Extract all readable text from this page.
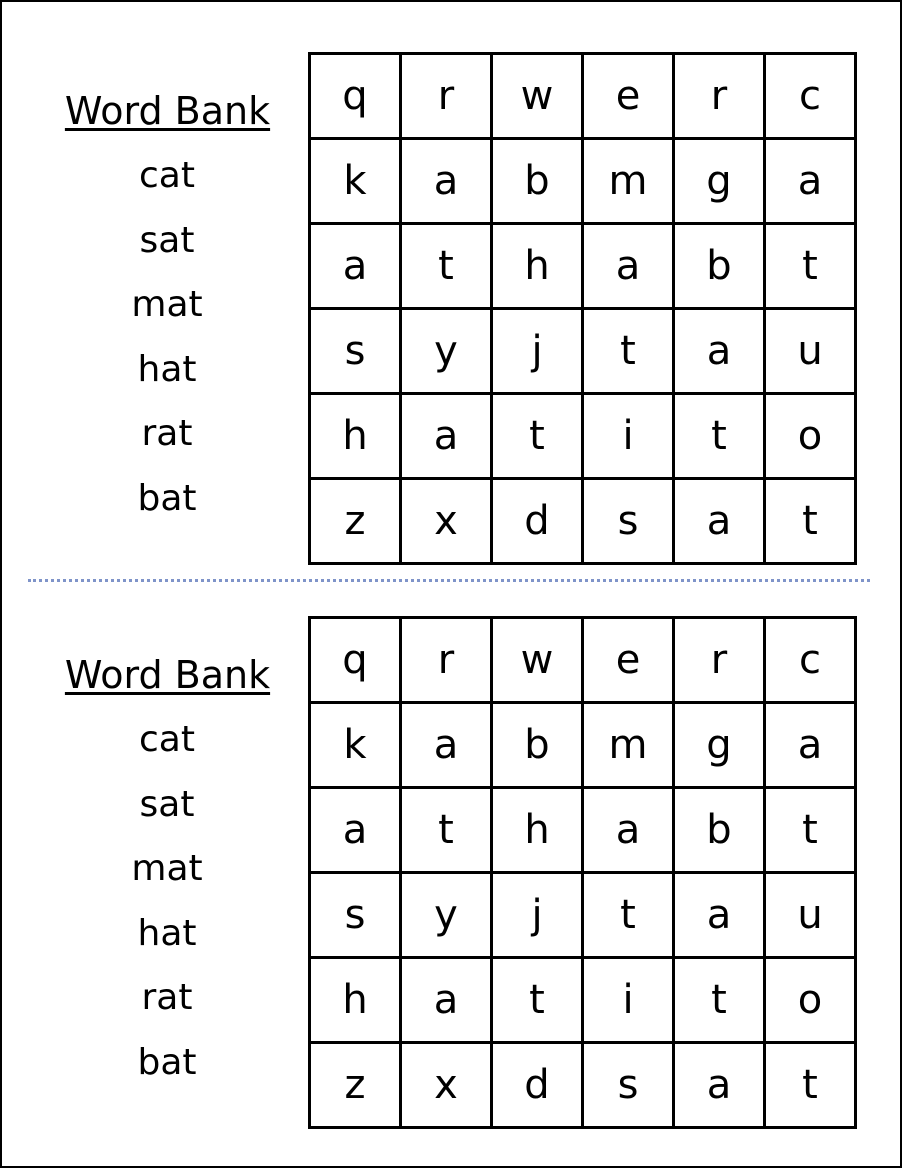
Word Bank
cat
sat
mat
hat
rat
bat
q	r	w	e	r	c
k	a	b	m	g	a
a	t	h	a	b	t
s	y	j	t	a	u
h	a	t	i	t	o
z	x	d	s	a	t
Word Bank
cat
sat
mat
hat
rat
bat
q	r	w	e	r	c
k	a	b	m	g	a
a	t	h	a	b	t
s	y	j	t	a	u
h	a	t	i	t	o
z	x	d	s	a	t
